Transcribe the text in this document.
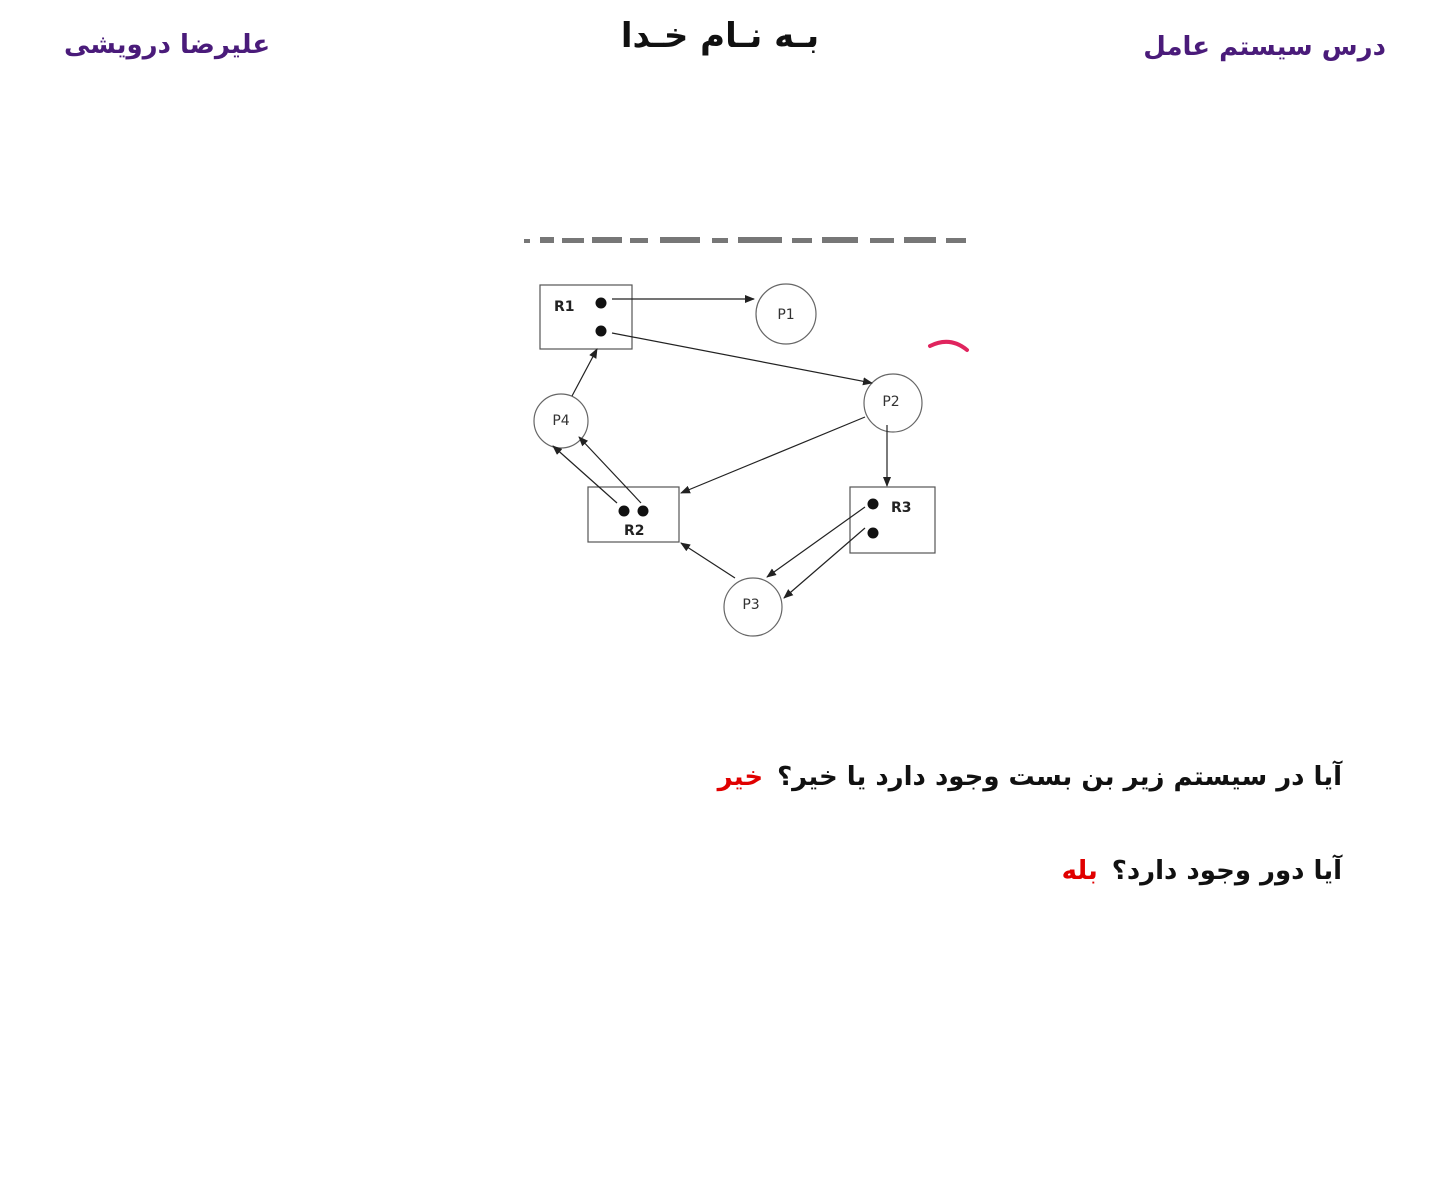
علیرضا درویشی	بـه نـام خـدا	درس سیستم عامل
R1
R2
R3
P1
P2
P3
P4
آیا در سیستم زیر بن بست وجود دارد یا خیر؟خیر
آیا دور وجود دارد؟بله
